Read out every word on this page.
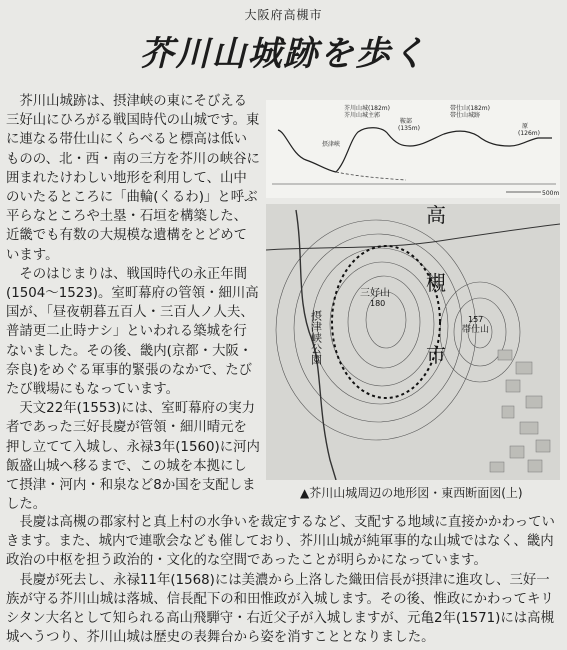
大阪府高槻市
芥川山城跡を歩く

芥川山城跡は、摂津峡の東にそびえる三好山にひろがる戦国時代の山城です。東に連なる帯仕山にくらべると標高は低いものの、北・西・南の三方を芥川の峡谷に囲まれたけわしい地形を利用して、山中のいたるところに「曲輪(くるわ)」と呼ぶ平らなところや土塁・石垣を構築した、近畿でも有数の大規模な遺構をとどめています。

そのはじまりは、戦国時代の永正年間(1504〜1523)。室町幕府の管領・細川高国が、「昼夜朝暮五百人・三百人ノ人夫、普請更二止時ナシ」といわれる築城を行ないました。その後、畿内(京都・大阪・奈良)をめぐる軍事的緊張のなかで、たびたび戦場にもなっています。

天文22年(1553)には、室町幕府の実力者であった三好長慶が管領・細川晴元を押し立てて入城し、永禄3年(1560)に河内飯盛山城へ移るまで、この城を本拠にして摂津・河内・和泉など8か国を支配しました。

芥川山城(182m)
芥川山城主郭
摂津峡
鞍部
(135m)
帯仕山(182m)
帯仕山城跡
原
(126m)
500m
高
槻
市
三好山
180
帯仕山
157
摂津峡公園
▲芥川山城周辺の地形図・東西断面図(上)

長慶は高槻の郡家村と真上村の水争いを裁定するなど、支配する地域に直接かかわっていきます。また、城内で連歌会なども催しており、芥川山城が純軍事的な山城ではなく、畿内政治の中枢を担う政治的・文化的な空間であったことが明らかになっています。

長慶が死去し、永禄11年(1568)には美濃から上洛した織田信長が摂津に進攻し、三好一族が守る芥川山城は落城、信長配下の和田惟政が入城します。その後、惟政にかわってキリシタン大名として知られる高山飛騨守・右近父子が入城しますが、元亀2年(1571)には高槻城へうつり、芥川山城は歴史の表舞台から姿を消すこととなりました。
